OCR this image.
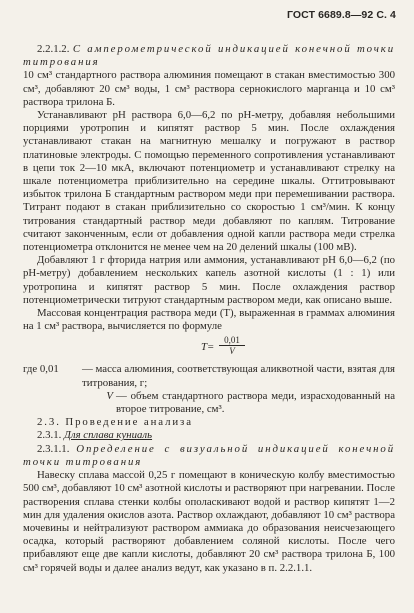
ГОСТ 6689.8—92 С. 4

2.2.1.2. С амперометрической индикацией конечной точки титрования

10 см³ стандартного раствора алюминия помещают в стакан вместимостью 300 см³, добавляют 20 см³ воды, 1 см³ раствора сернокислого марганца и 10 см³ раствора трилона Б.

Устанавливают рН раствора 6,0—6,2 по рН-метру, добавляя небольшими порциями уротропин и кипятят раствор 5 мин. После охлаждения устанавливают стакан на магнитную мешалку и погружают в раствор платиновые электроды. С помощью переменного сопротивления устанавливают в цепи ток 2—10 мкА, включают потенциометр и устанавливают стрелку на шкале потенциометра приблизительно на середине шкалы. Оттитровывают избыток трилона Б стандартным раствором меди при перемешивании раствора. Титрант подают в стакан приблизительно со скоростью 1 см³/мин. К концу титрования стандартный раствор меди добавляют по каплям. Титрование считают законченным, если от добавления одной капли раствора меди стрелка потенциометра отклонится не менее чем на 20 делений шкалы (100 мВ).

Добавляют 1 г фторида натрия или аммония, устанавливают рН 6,0—6,2 (по рН-метру) добавлением нескольких капель азотной кислоты (1 : 1) или уротропина и кипятят раствор 5 мин. После охлаждения раствор потенциометрически титруют стандартным раствором меди, как описано выше.

Массовая концентрация раствора меди (T), выраженная в граммах алюминия на 1 см³ раствора, вычисляется по формуле

$T= \frac{0,01}{V}$
где 0,01	— масса алюминия, соответствующая аликвотной части, взятая для титрования, г;
V — объем стандартного раствора меди, израсходованный на второе титрование, см³.

2.3. Проведение анализа

2.3.1. Для сплава куниаль

2.3.1.1. Определение с визуальной индикацией конечной точки титрования

Навеску сплава массой 0,25 г помещают в коническую колбу вместимостью 500 см³, добавляют 10 см³ азотной кислоты и растворяют при нагревании. После растворения сплава стенки колбы ополаскивают водой и раствор кипятят 1—2 мин для удаления окислов азота. Раствор охлаждают, добавляют 10 см³ раствора мочевины и нейтрализуют раствором аммиака до образования неисчезающего осадка, который растворяют добавлением соляной кислоты. После чего прибавляют еще две капли кислоты, добавляют 20 см³ раствора трилона Б, 100 см³ горячей воды и далее анализ ведут, как указано в п. 2.2.1.1.
